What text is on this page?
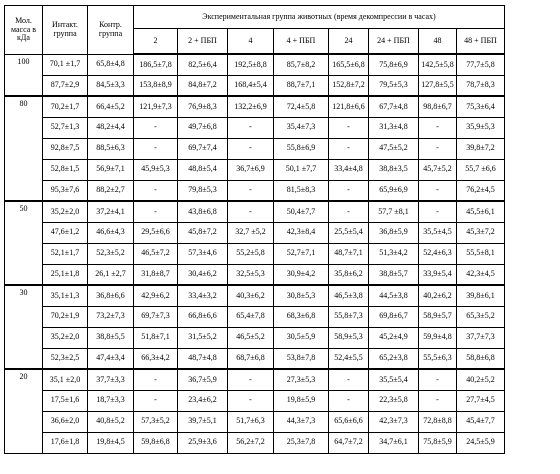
Мол. масса в кДа	Интакт. группа	Контр. группа	Экспериментальная группа животных (время декомпрессии в часах)							
			2	2 + ПБП	4	4 + ПБП	24	24 + ПБП	48	48 + ПБП
100	70,1 ±1,7	65,8±4,8	186,5±7,8	82,5±6,4	192,5±8,8	85,7±8,2	165,5±6,8	75,8±6,9	142,5±5,8	77,7±5,8
	87,7±2,9	84,5±3,3	153,8±8,9	84,8±7,2	168,4±5,4	88,7±7,1	152,8±7,2	79,5±5,3	127,8±5,5	78,7±8,3
80	70,2±1,7	66,4±5,2	121,9±7,3	76,9±8,3	132,2±6,9	72,4±5,8	121,8±6,6	67,7±4,8	98,8±6,7	75,3±6,4
	52,7±1,3	48,2±4,4	-	49,7±6,8	-	35,4±7,3	-	31,3±4,8	-	35,9±5,3
	92,8±7,5	88,5±6,3	-	69,7±7,4	-	55,8±6,9	-	47,5±5,2	-	39,8±7,2
	52,8±1,5	56,9±7,1	45,9±5,3	48,8±5,4	36,7±6,9	50,1 ±7,7	33,4±4,8	38,8±3,5	45,7±5,2	55,7 ±6,6
	95,3±7,6	88,2±2,7	-	79,8±5,3	-	81,5±8,3	-	65,9±6,9	-	76,2±4,5
50	35,2±2,0	37,2±4,1	-	43,8±6,8	-	50,4±7,7	-	57,7 ±8,1	-	45,5±6,1
	47,6±1,2	46,6±4,3	29,5±6,6	45,8±7,2	32,7 ±5,2	42,3±8,4	25,5±5,4	36,8±5,9	35,5±4,5	45,3±7,2
	52,1±1,7	52,3±5,2	46,5±7,2	57,3±4,6	55,2±5,8	52,7±7,1	48,7±7,1	51,3±4,2	52,4±6,3	55,5±8,1
	25,1±1,8	26,1 ±2,7	31,8±8,7	30,4±6,2	32,5±5,3	30,9±4,2	35,8±6,2	38,8±5,7	33,9±5,4	42,3±4,5
30	35,1±1,3	36,8±6,6	42,9±6,2	33,4±3,2	40,3±6,2	30,8±5,3	46,5±3,8	44,5±3,8	40,2±6,2	39,8±6,1
	70,2±1,9	73,2±7,3	69,7±7,3	66,8±6,6	65,4±7,8	68,3±6,8	55,8±7,3	69,8±6,7	58,9±5,7	65,3±5,2
	35,2±2,0	38,8±5,5	51,8±7,1	31,5±5,2	46,5±5,2	30,5±5,9	58,9±5,3	45,2±4,9	59,9±4,8	37,7±7,3
	52,3±2,5	47,4±3,4	66,3±4,2	48,7±4,8	68,7±6,8	53,8±7,8	52,4±5,5	65,2±3,8	55,5±6,3	58,8±6,8
20	35,1 ±2,0	37,7±3,3	-	36,7±5,9	-	27,3±5,3	-	35,5±5,4	-	40,2±5,2
	17,5±1,6	18,7±3,3	-	23,4±6,2	-	19,8±5,9	-	22,3±5,8	-	27,7±4,5
	36,6±2,0	40,8±5,2	57,3±5,2	39,7±5,1	51,7±6,3	44,3±7,3	65,6±6,6	42,3±7,3	72,8±8,8	45,4±7,7
	17,6±1,8	19,8±4,5	59,8±6,8	25,9±3,6	56,2±7,2	25,3±7,8	64,7±7,2	34,7±6,1	75,8±5,9	24,5±5,9
